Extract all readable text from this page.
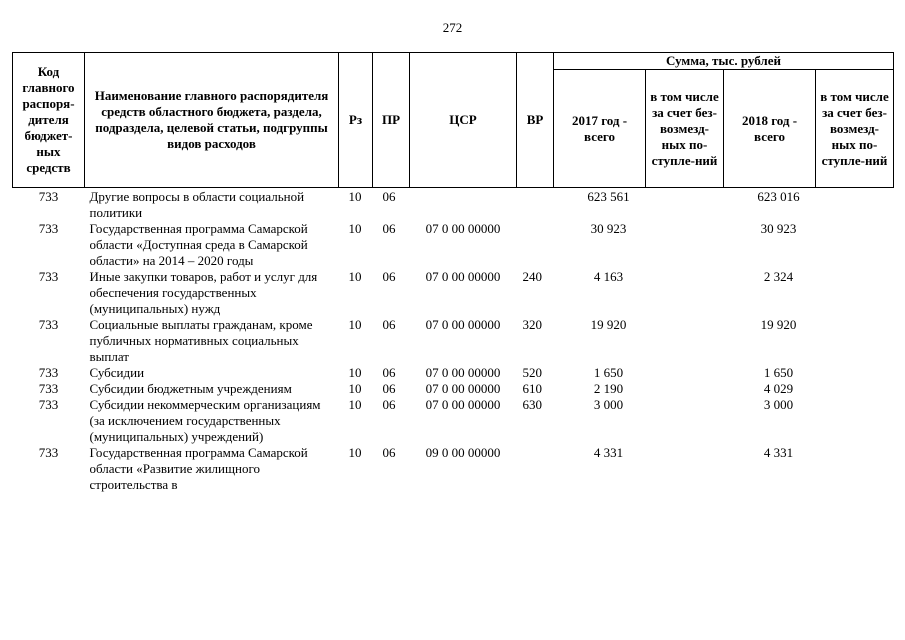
272
Код главного распоря-дителя бюджет-ных средств	Наименование главного распорядителя средств областного бюджета, раздела, подраздела, целевой статьи, подгруппы видов расходов	Рз	ПР	ЦСР	ВР	Сумма, тыс. рублей			
						2017 год - всего	в том числе за счет без-возмезд-ных по-ступле-ний	2018 год - всего	в том числе за счет без-возмезд-ных по-ступле-ний
733	Другие вопросы в области социальной политики	10	06			623 561		623 016	
733	Государственная программа Самарской области «Доступная среда в Самарской области» на 2014 – 2020 годы	10	06	07 0 00 00000		30 923		30 923	
733	Иные закупки товаров, работ и услуг для обеспечения государственных (муниципальных) нужд	10	06	07 0 00 00000	240	4 163		2 324	
733	Социальные выплаты гражданам, кроме публичных нормативных социальных выплат	10	06	07 0 00 00000	320	19 920		19 920	
733	Субсидии	10	06	07 0 00 00000	520	1 650		1 650	
733	Субсидии бюджетным учреждениям	10	06	07 0 00 00000	610	2 190		4 029	
733	Субсидии некоммерческим организациям (за исключением государственных (муниципальных) учреждений)	10	06	07 0 00 00000	630	3 000		3 000	
733	Государственная программа Самарской области «Развитие жилищного строительства в	10	06	09 0 00 00000		4 331		4 331	
